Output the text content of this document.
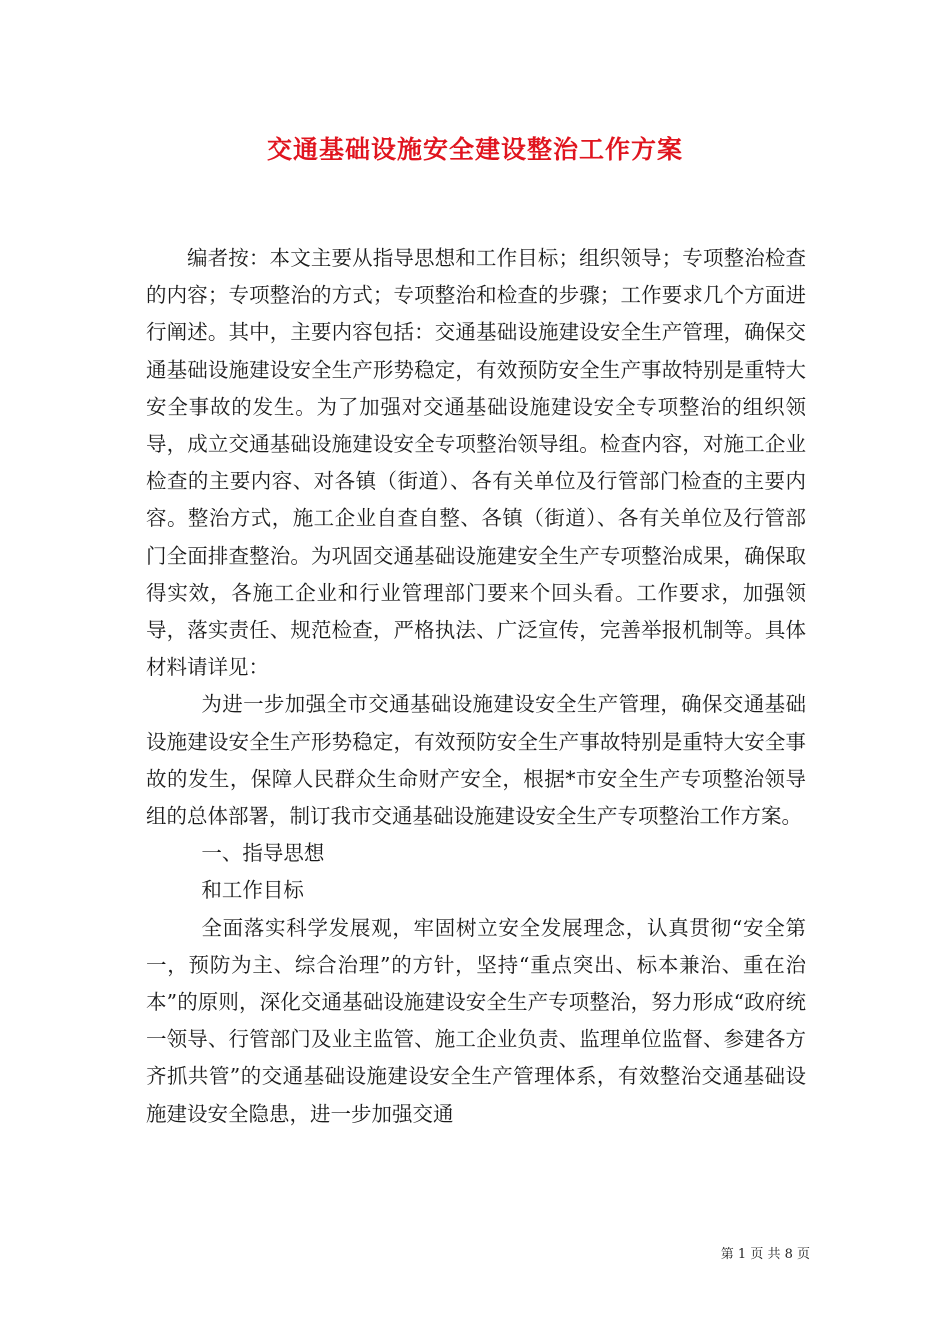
交通基础设施安全建设整治工作方案

编者按：本文主要从指导思想和工作目标；组织领导；专项整治检查的内容；专项整治的方式；专项整治和检查的步骤；工作要求几个方面进行阐述。其中，主要内容包括：交通基础设施建设安全生产管理，确保交通基础设施建设安全生产形势稳定，有效预防安全生产事故特别是重特大安全事故的发生。为了加强对交通基础设施建设安全专项整治的组织领导，成立交通基础设施建设安全专项整治领导组。检查内容，对施工企业检查的主要内容、对各镇（街道）、各有关单位及行管部门检查的主要内容。整治方式，施工企业自查自整、各镇（街道）、各有关单位及行管部门全面排查整治。为巩固交通基础设施建安全生产专项整治成果，确保取得实效，各施工企业和行业管理部门要来个回头看。工作要求，加强领导，落实责任、规范检查，严格执法、广泛宣传，完善举报机制等。具体材料请详见：

为进一步加强全市交通基础设施建设安全生产管理，确保交通基础设施建设安全生产形势稳定，有效预防安全生产事故特别是重特大安全事故的发生，保障人民群众生命财产安全，根据*市安全生产专项整治领导组的总体部署，制订我市交通基础设施建设安全生产专项整治工作方案。

一、指导思想

和工作目标

全面落实科学发展观，牢固树立安全发展理念，认真贯彻“安全第一，预防为主、综合治理”的方针，坚持“重点突出、标本兼治、重在治本”的原则，深化交通基础设施建设安全生产专项整治，努力形成“政府统一领导、行管部门及业主监管、施工企业负责、监理单位监督、参建各方齐抓共管”的交通基础设施建设安全生产管理体系，有效整治交通基础设施建设安全隐患，进一步加强交通

第 1 页 共 8 页
